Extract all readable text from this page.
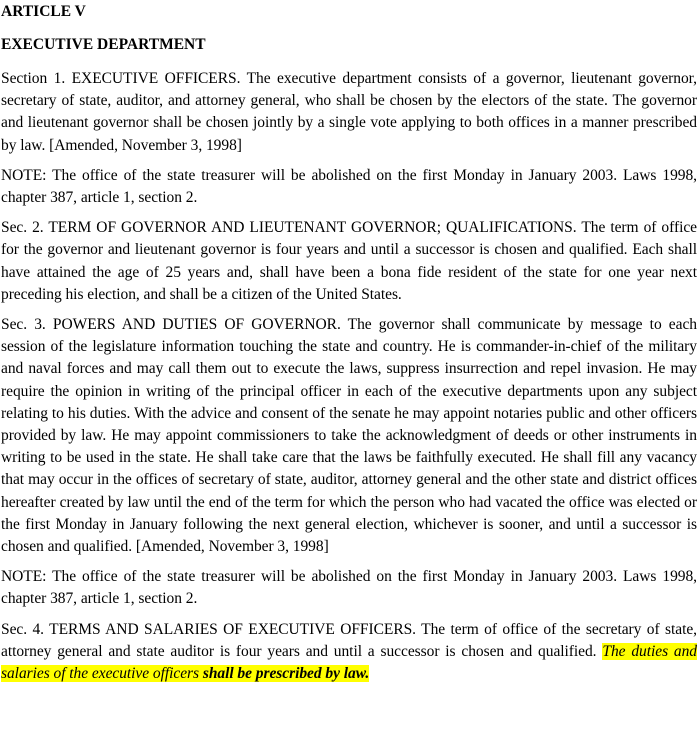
ARTICLE V

EXECUTIVE DEPARTMENT

Section 1. EXECUTIVE OFFICERS. The executive department consists of a governor, lieutenant governor, secretary of state, auditor, and attorney general, who shall be chosen by the electors of the state. The governor and lieutenant governor shall be chosen jointly by a single vote applying to both offices in a manner prescribed by law. [Amended, November 3, 1998]

NOTE: The office of the state treasurer will be abolished on the first Monday in January 2003. Laws 1998, chapter 387, article 1, section 2.

Sec. 2. TERM OF GOVERNOR AND LIEUTENANT GOVERNOR; QUALIFICATIONS. The term of office for the governor and lieutenant governor is four years and until a successor is chosen and qualified. Each shall have attained the age of 25 years and, shall have been a bona fide resident of the state for one year next preceding his election, and shall be a citizen of the United States.

Sec. 3. POWERS AND DUTIES OF GOVERNOR. The governor shall communicate by message to each session of the legislature information touching the state and country. He is commander-in-chief of the military and naval forces and may call them out to execute the laws, suppress insurrection and repel invasion. He may require the opinion in writing of the principal officer in each of the executive departments upon any subject relating to his duties. With the advice and consent of the senate he may appoint notaries public and other officers provided by law. He may appoint commissioners to take the acknowledgment of deeds or other instruments in writing to be used in the state. He shall take care that the laws be faithfully executed. He shall fill any vacancy that may occur in the offices of secretary of state, auditor, attorney general and the other state and district offices hereafter created by law until the end of the term for which the person who had vacated the office was elected or the first Monday in January following the next general election, whichever is sooner, and until a successor is chosen and qualified. [Amended, November 3, 1998]

NOTE: The office of the state treasurer will be abolished on the first Monday in January 2003. Laws 1998, chapter 387, article 1, section 2.

Sec. 4. TERMS AND SALARIES OF EXECUTIVE OFFICERS. The term of office of the secretary of state, attorney general and state auditor is four years and until a successor is chosen and qualified. The duties and salaries of the executive officers shall be prescribed by law.
